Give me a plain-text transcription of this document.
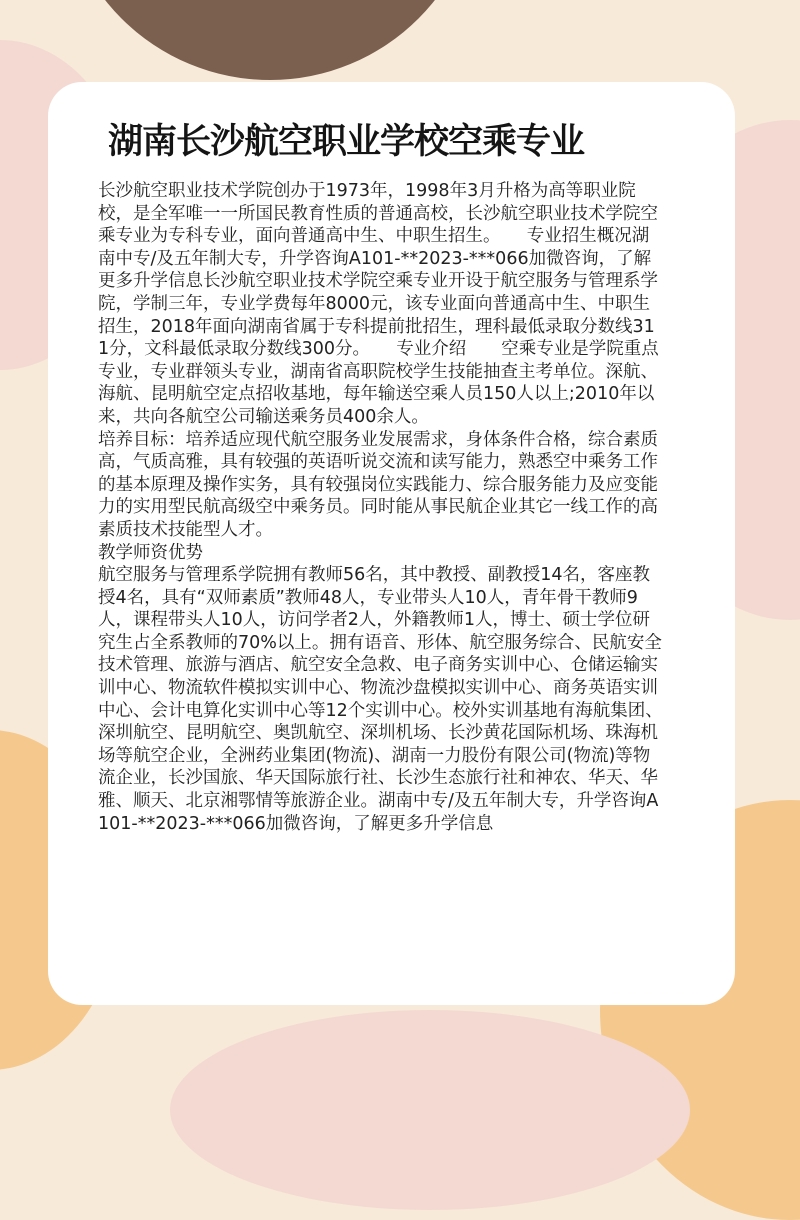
湖南长沙航空职业学校空乘专业

长沙航空职业技术学院创办于1973年，1998年3月升格为高等职业院校，是全军唯一一所国民教育性质的普通高校，长沙航空职业技术学院空乘专业为专科专业，面向普通高中生、中职生招生。　　专业招生概况湖南中专/及五年制大专，升学咨询A101-**2023-***066加微咨询，了解更多升学信息长沙航空职业技术学院空乘专业开设于航空服务与管理系学院，学制三年，专业学费每年8000元，该专业面向普通高中生、中职生招生，2018年面向湖南省属于专科提前批招生，理科最低录取分数线311分，文科最低录取分数线300分。　　专业介绍　　空乘专业是学院重点专业，专业群领头专业，湖南省高职院校学生技能抽查主考单位。深航、海航、昆明航空定点招收基地，每年输送空乘人员150人以上;2010年以来，共向各航空公司输送乘务员400余人。

培养目标：培养适应现代航空服务业发展需求，身体条件合格，综合素质高，气质高雅，具有较强的英语听说交流和读写能力，熟悉空中乘务工作的基本原理及操作实务，具有较强岗位实践能力、综合服务能力及应变能力的实用型民航高级空中乘务员。同时能从事民航企业其它一线工作的高素质技术技能型人才。

教学师资优势

航空服务与管理系学院拥有教师56名，其中教授、副教授14名，客座教授4名，具有“双师素质”教师48人，专业带头人10人，青年骨干教师9人，课程带头人10人，访问学者2人，外籍教师1人，博士、硕士学位研究生占全系教师的70%以上。拥有语音、形体、航空服务综合、民航安全技术管理、旅游与酒店、航空安全急救、电子商务实训中心、仓储运输实训中心、物流软件模拟实训中心、物流沙盘模拟实训中心、商务英语实训中心、会计电算化实训中心等12个实训中心。校外实训基地有海航集团、深圳航空、昆明航空、奥凯航空、深圳机场、长沙黄花国际机场、珠海机场等航空企业，全洲药业集团(物流)、湖南一力股份有限公司(物流)等物流企业，长沙国旅、华天国际旅行社、长沙生态旅行社和神农、华天、华雅、顺天、北京湘鄂情等旅游企业。湖南中专/及五年制大专，升学咨询A101-**2023-***066加微咨询，了解更多升学信息
